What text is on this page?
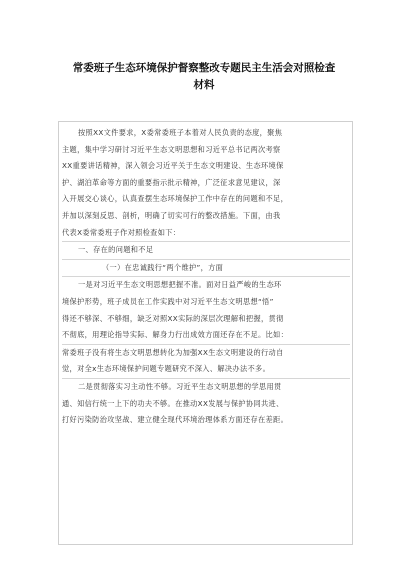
常委班子生态环境保护督察整改专题民主生活会对照检查
材料
按照XX文件要求，X委常委班子本着对人民负责的态度，聚焦
主题，集中学习研讨习近平生态文明思想和习近平总书记两次考察
XX重要讲话精神，深入领会习近平关于生态文明建设、生态环境保
护、湖泊革命等方面的重要指示批示精神，广泛征求意见建议，深
入开展交心谈心，认真查摆生态环境保护工作中存在的问题和不足，
并加以深刻反思、剖析，明确了切实可行的整改措施。下面，由我
代表X委常委班子作对照检查如下：
一、存在的问题和不足
（一）在忠诚践行“两个维护”，方面
一是对习近平生态文明思想把握不准。面对日益严峻的生态环
境保护形势，班子成员在工作实践中对习近平生态文明思想“悟”
得还不够深、不够细，缺乏对照XX实际的深层次理解和把握，贯彻
不彻底，用理论指导实际、解身力行出成效方面还存在不足。比如：
常委班子没有将生态文明思想转化为加强XX生态文明建设的行动自
觉，对全x生态环境保护问题专题研究不深入、解决办法不多。
二是贯彻落实习主动性不够。习近平生态文明思想的学思用贯
通、知信行统一上下的功夫不够。在推动XX发展与保护协同共进、
打好污染防治攻坚战、建立健全现代环境治理体系方面还存在差距。
